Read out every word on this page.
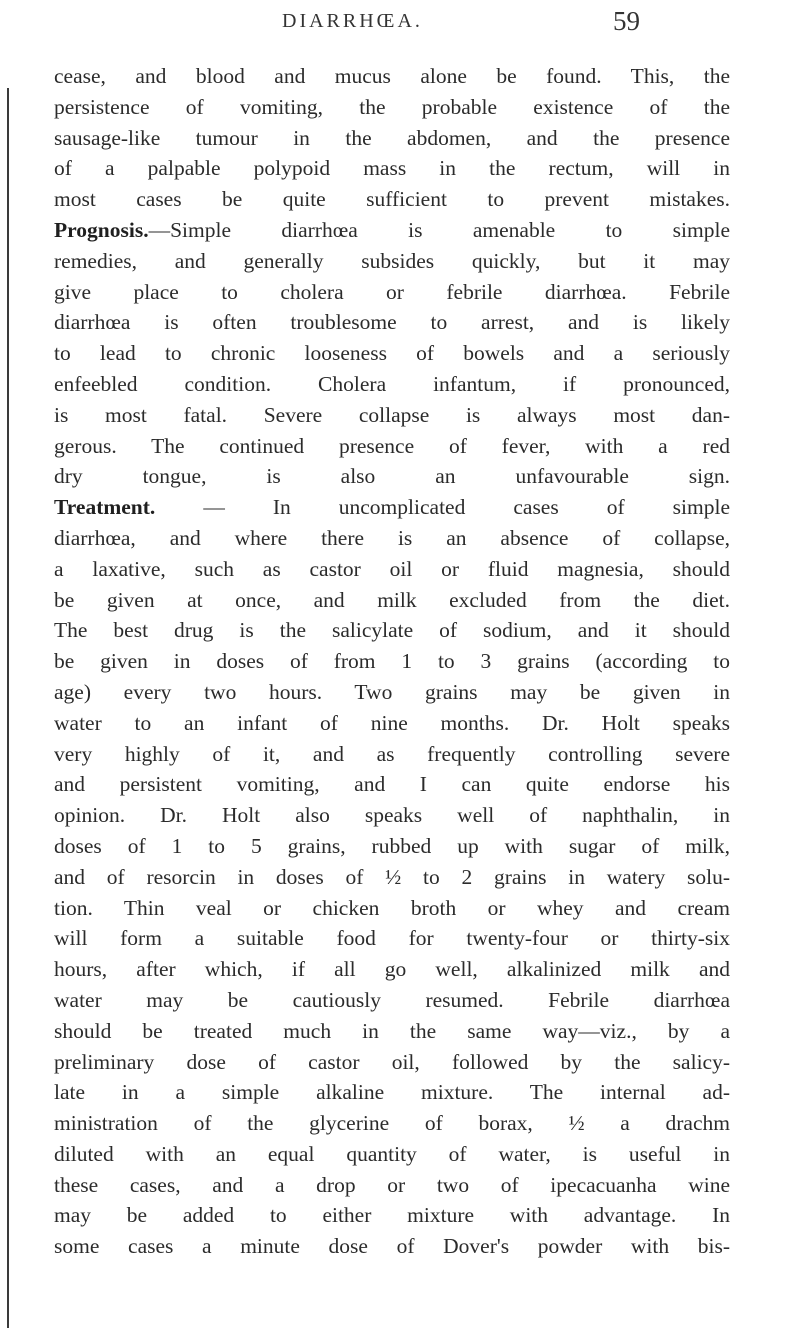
DIARRHŒA.	59
cease, and blood and mucus alone be found. This, the
persistence of vomiting, the probable existence of the
sausage-like tumour in the abdomen, and the presence
of a palpable polypoid mass in the rectum, will in
most cases be quite sufficient to prevent mistakes.
Prognosis.—Simple diarrhœa is amenable to simple
remedies, and generally subsides quickly, but it may
give place to cholera or febrile diarrhœa. Febrile
diarrhœa is often troublesome to arrest, and is likely
to lead to chronic looseness of bowels and a seriously
enfeebled condition. Cholera infantum, if pronounced,
is most fatal. Severe collapse is always most dan-
gerous. The continued presence of fever, with a red
dry tongue, is also an unfavourable sign.
Treatment. — In uncomplicated cases of simple
diarrhœa, and where there is an absence of collapse,
a laxative, such as castor oil or fluid magnesia, should
be given at once, and milk excluded from the diet.
The best drug is the salicylate of sodium, and it should
be given in doses of from 1 to 3 grains (according to
age) every two hours. Two grains may be given in
water to an infant of nine months. Dr. Holt speaks
very highly of it, and as frequently controlling severe
and persistent vomiting, and I can quite endorse his
opinion. Dr. Holt also speaks well of naphthalin, in
doses of 1 to 5 grains, rubbed up with sugar of milk,
and of resorcin in doses of ½ to 2 grains in watery solu-
tion. Thin veal or chicken broth or whey and cream
will form a suitable food for twenty-four or thirty-six
hours, after which, if all go well, alkalinized milk and
water may be cautiously resumed. Febrile diarrhœa
should be treated much in the same way—viz., by a
preliminary dose of castor oil, followed by the salicy-
late in a simple alkaline mixture. The internal ad-
ministration of the glycerine of borax, ½ a drachm
diluted with an equal quantity of water, is useful in
these cases, and a drop or two of ipecacuanha wine
may be added to either mixture with advantage. In
some cases a minute dose of Dover's powder with bis-
